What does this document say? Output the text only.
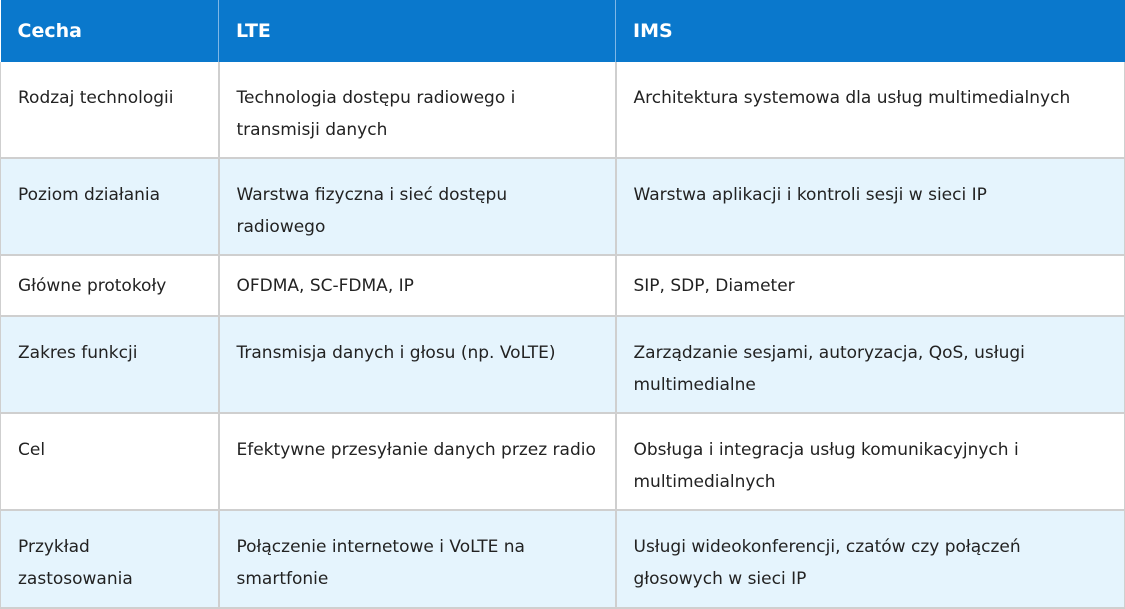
Cecha	LTE	IMS
Rodzaj technologii	Technologia dostępu radiowego i transmisji danych	Architektura systemowa dla usług multimedialnych
Poziom działania	Warstwa fizyczna i sieć dostępu radiowego	Warstwa aplikacji i kontroli sesji w sieci IP
Główne protokoły	OFDMA, SC-FDMA, IP	SIP, SDP, Diameter
Zakres funkcji	Transmisja danych i głosu (np. VoLTE)	Zarządzanie sesjami, autoryzacja, QoS, usługi multimedialne
Cel	Efektywne przesyłanie danych przez radio	Obsługa i integracja usług komunikacyjnych i multimedialnych
Przykład zastosowania	Połączenie internetowe i VoLTE na smartfonie	Usługi wideokonferencji, czatów czy połączeń głosowych w sieci IP
